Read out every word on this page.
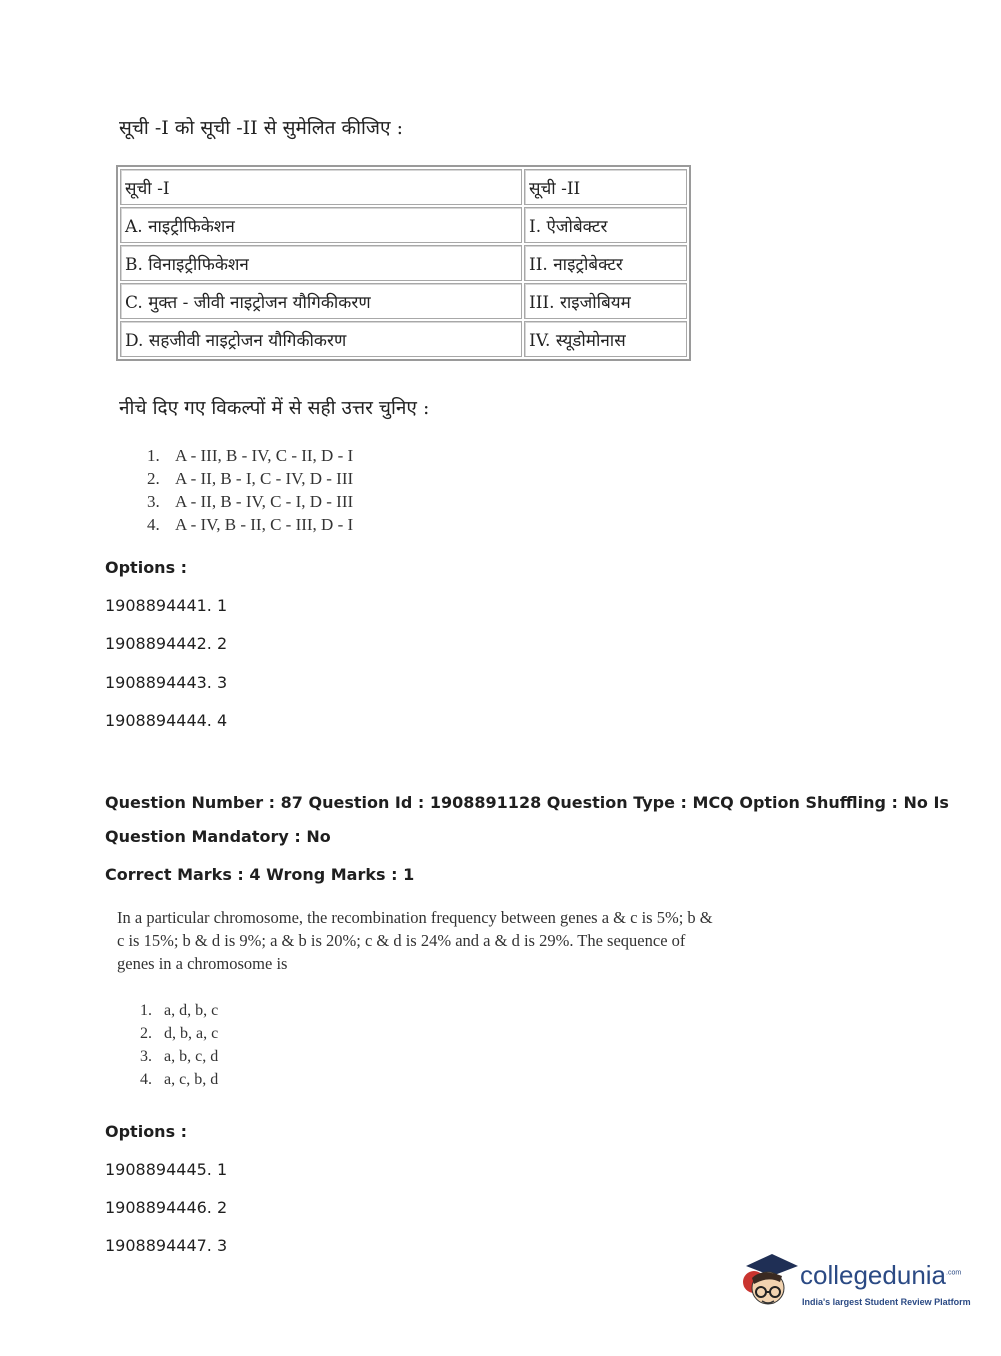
सूची -I को सूची -II से सुमेलित कीजिए :
सूची -I	सूची -II
A. नाइट्रीफिकेशन	I. ऐजोबेक्टर
B. विनाइट्रीफिकेशन	II. नाइट्रोबेक्टर
C. मुक्त - जीवी नाइट्रोजन यौगिकीकरण	III. राइजोबियम
D. सहजीवी नाइट्रोजन यौगिकीकरण	IV. स्यूडोमोनास
नीचे दिए गए विकल्पों में से सही उत्तर चुनिए :
1. A - III, B - IV, C - II, D - I
2. A - II, B - I, C - IV, D - III
3. A - II, B - IV, C - I, D - III
4. A - IV, B - II, C - III, D - I
Options :
1908894441. 1
1908894442. 2
1908894443. 3
1908894444. 4
Question Number : 87 Question Id : 1908891128 Question Type : MCQ Option Shuffling : No Is
Question Mandatory : No
Correct Marks : 4 Wrong Marks : 1
In a particular chromosome, the recombination frequency between genes a & c is 5%; b & c is 15%; b & d is 9%; a & b is 20%; c & d is 24% and a & d is 29%. The sequence of genes in a chromosome is
1. a, d, b, c
2. d, b, a, c
3. a, b, c, d
4. a, c, b, d
Options :
1908894445. 1
1908894446. 2
1908894447. 3
collegedunia$^{.com}$
India's largest Student Review Platform
